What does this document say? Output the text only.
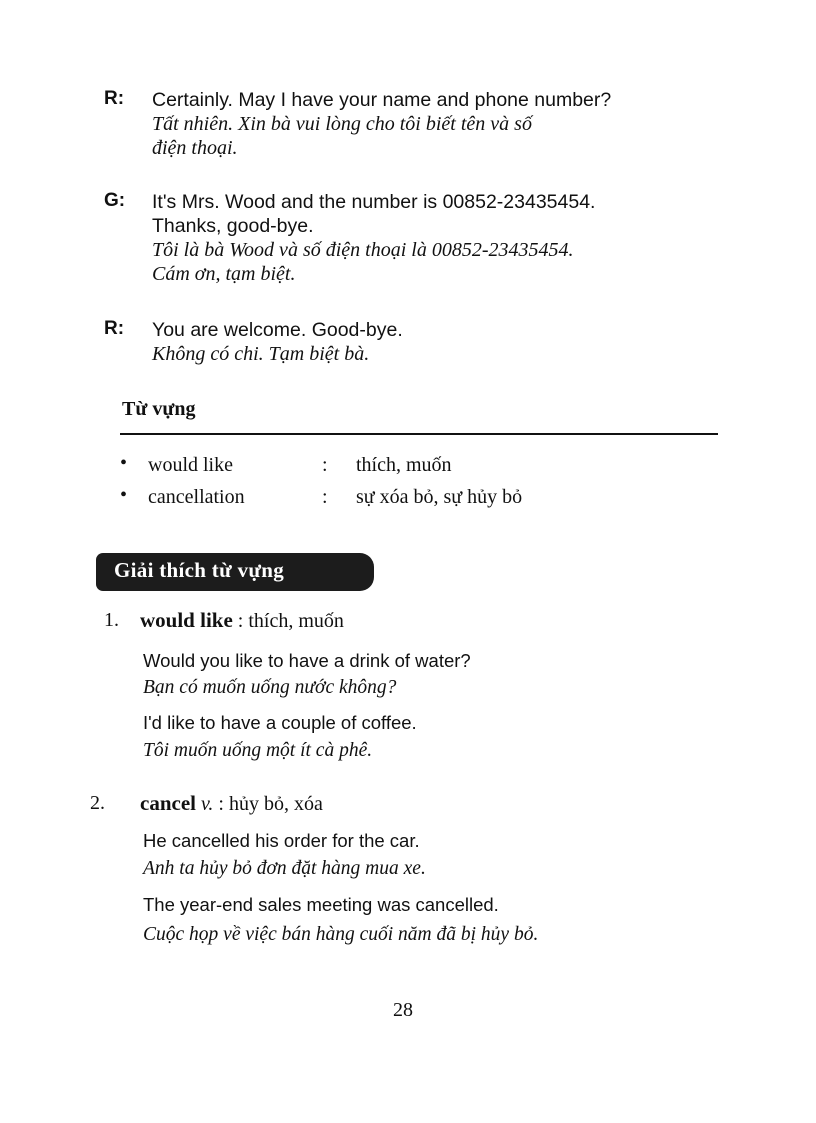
R: Certainly. May I have your name and phone number?
Tất nhiên. Xin bà vui lòng cho tôi biết tên và số
điện thoại.
G: It's Mrs. Wood and the number is 00852-23435454.
Thanks, good-bye.
Tôi là bà Wood và số điện thoại là 00852-23435454.
Cám ơn, tạm biệt.
R: You are welcome. Good-bye.
Không có chi. Tạm biệt bà.
Từ vựng
• would like	: thích, muốn
• cancellation	: sự xóa bỏ, sự hủy bỏ
Giải thích từ vựng
1. would like : thích, muốn
Would you like to have a drink of water?
Bạn có muốn uống nước không?
I'd like to have a couple of coffee.
Tôi muốn uống một ít cà phê.
2. cancel v. : hủy bỏ, xóa
He cancelled his order for the car.
Anh ta hủy bỏ đơn đặt hàng mua xe.
The year-end sales meeting was cancelled.
Cuộc họp về việc bán hàng cuối năm đã bị hủy bỏ.
28
